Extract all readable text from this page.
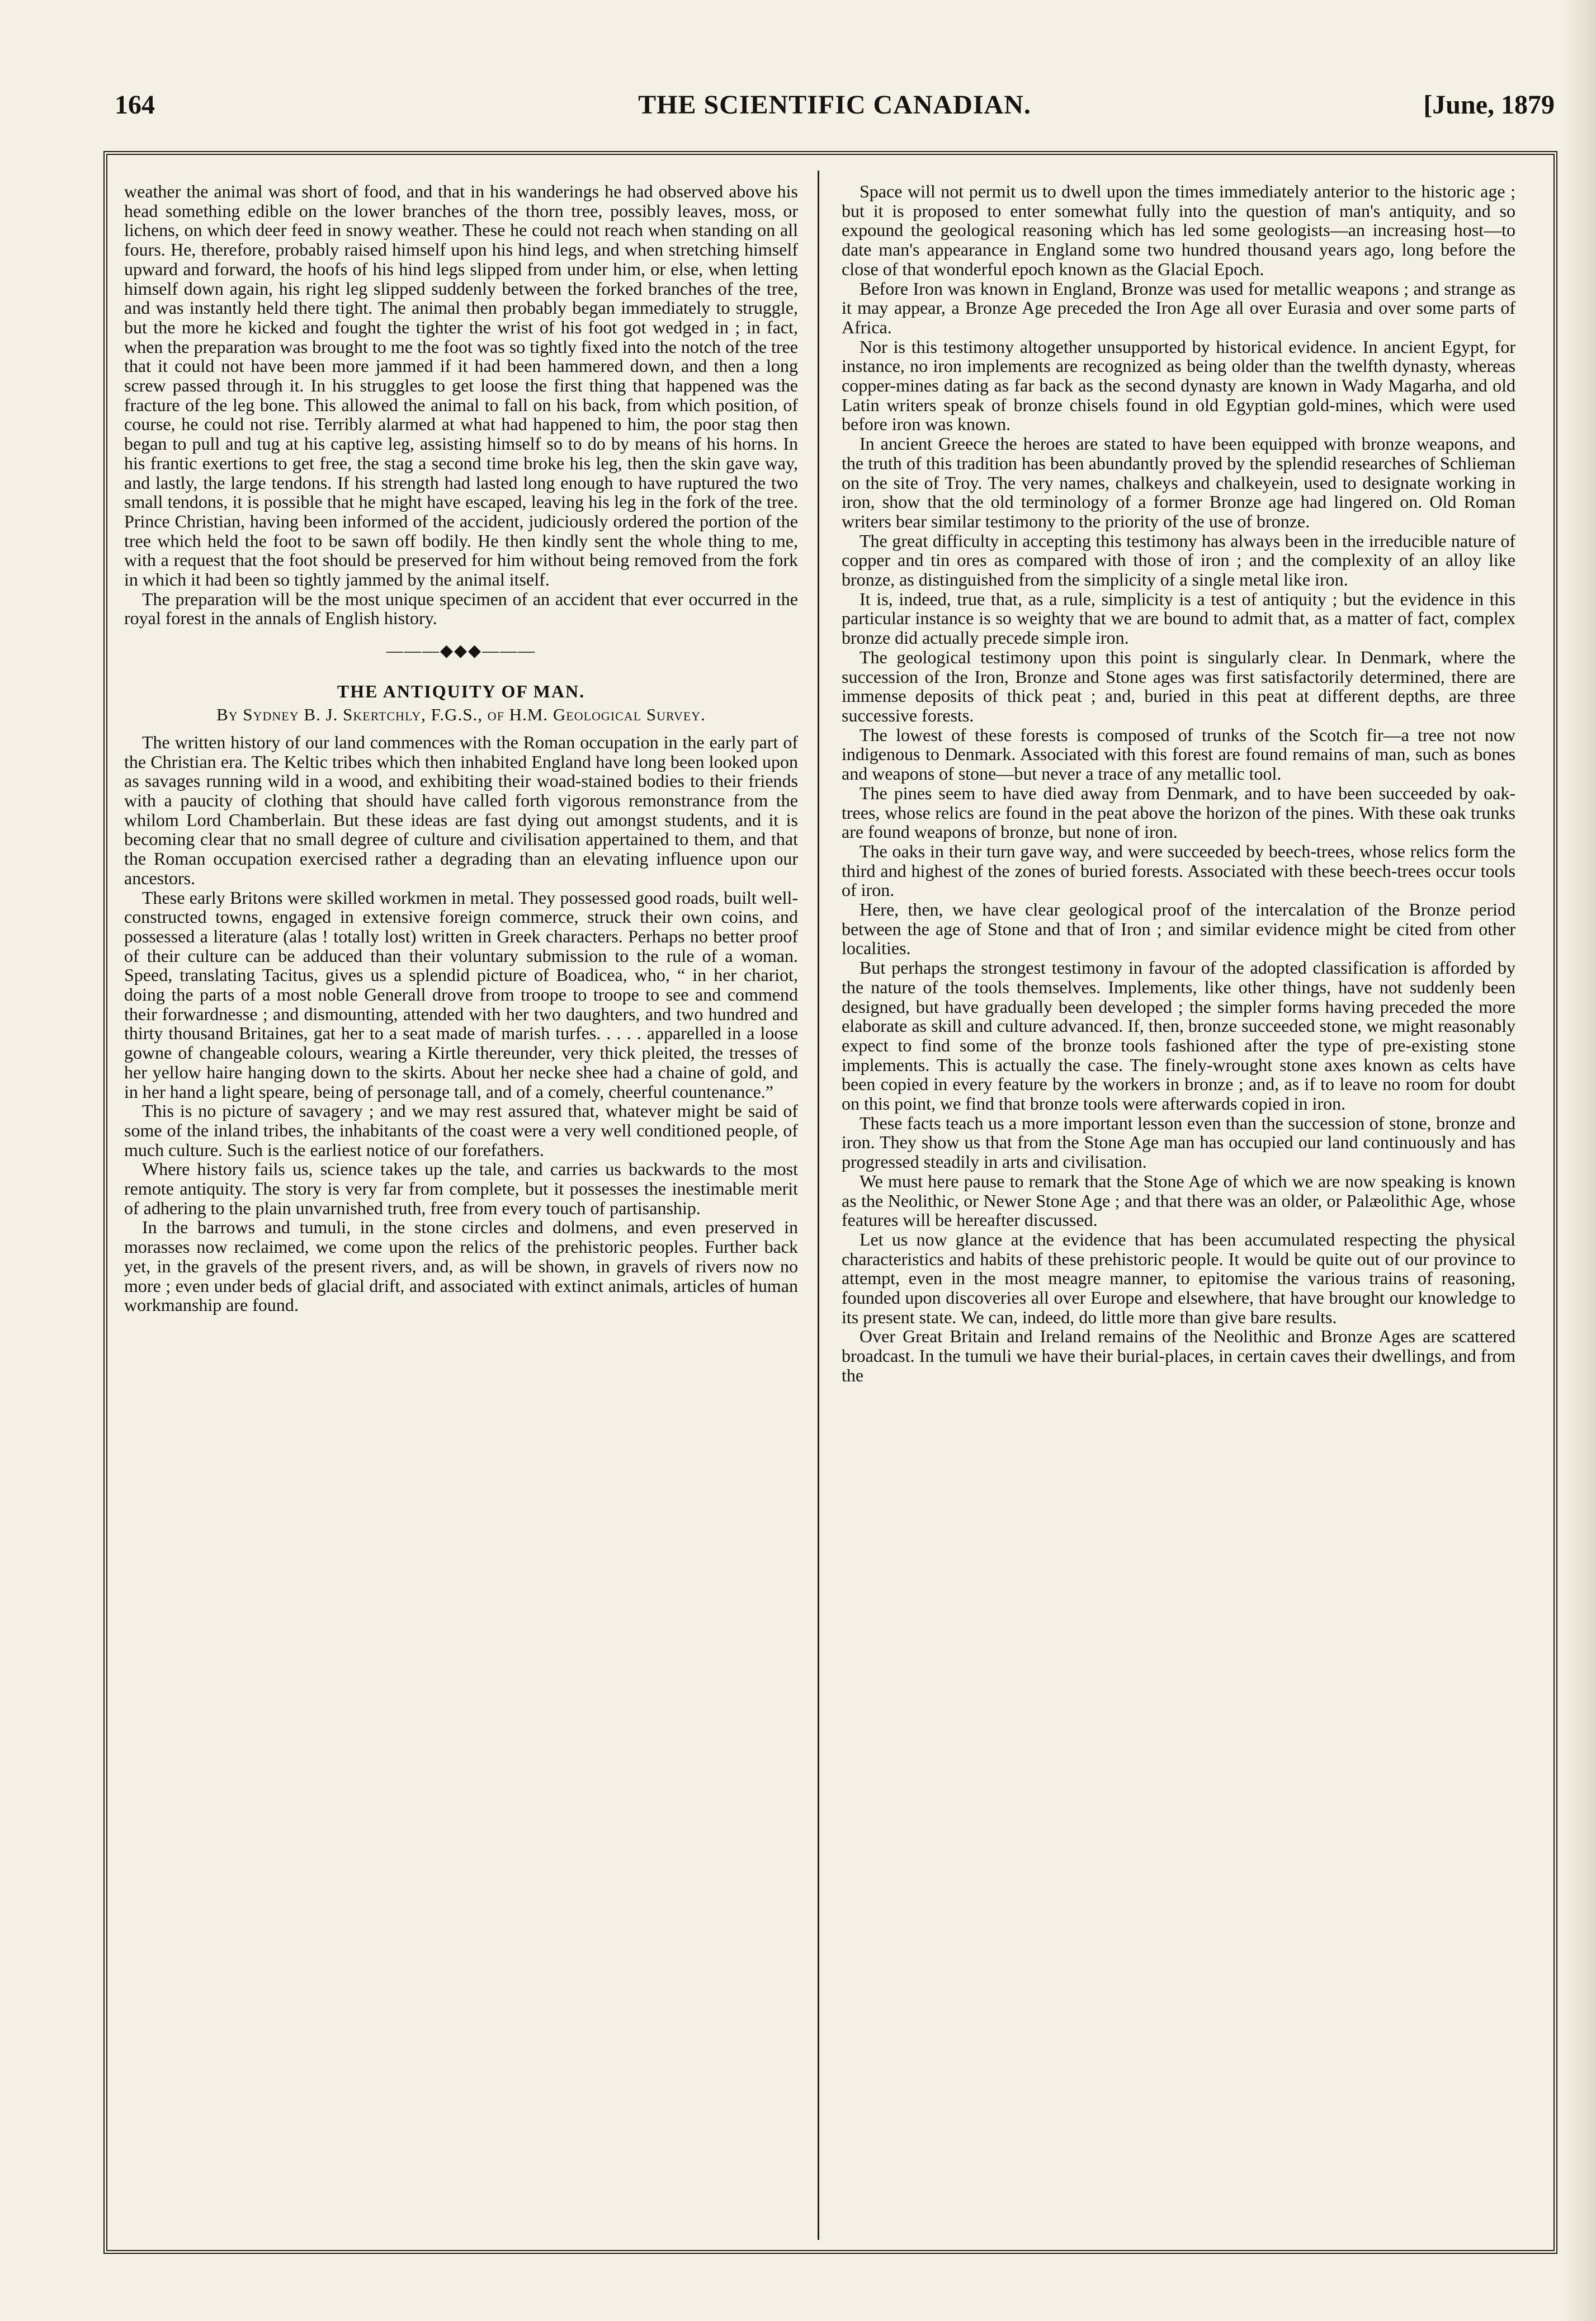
164	THE SCIENTIFIC CANADIAN.	[June, 1879

weather the animal was short of food, and that in his wanderings he had observed above his head something edible on the lower branches of the thorn tree, possibly leaves, moss, or lichens, on which deer feed in snowy weather. These he could not reach when standing on all fours. He, therefore, probably raised himself upon his hind legs, and when stretching himself upward and forward, the hoofs of his hind legs slipped from under him, or else, when letting himself down again, his right leg slipped suddenly between the forked branches of the tree, and was instantly held there tight. The animal then probably began immediately to struggle, but the more he kicked and fought the tighter the wrist of his foot got wedged in ; in fact, when the preparation was brought to me the foot was so tightly fixed into the notch of the tree that it could not have been more jammed if it had been hammered down, and then a long screw passed through it. In his struggles to get loose the first thing that happened was the fracture of the leg bone. This allowed the animal to fall on his back, from which position, of course, he could not rise. Terribly alarmed at what had happened to him, the poor stag then began to pull and tug at his captive leg, assisting himself so to do by means of his horns. In his frantic exertions to get free, the stag a second time broke his leg, then the skin gave way, and lastly, the large tendons. If his strength had lasted long enough to have ruptured the two small tendons, it is possible that he might have escaped, leaving his leg in the fork of the tree. Prince Christian, having been informed of the accident, judiciously ordered the portion of the tree which held the foot to be sawn off bodily. He then kindly sent the whole thing to me, with a request that the foot should be preserved for him without being removed from the fork in which it had been so tightly jammed by the animal itself.

The preparation will be the most unique specimen of an accident that ever occurred in the royal forest in the annals of English history.

———◆◆◆———
THE ANTIQUITY OF MAN.
By Sydney B. J. Skertchly, F.G.S., of H.M. Geological Survey.

The written history of our land commences with the Roman occupation in the early part of the Christian era. The Keltic tribes which then inhabited England have long been looked upon as savages running wild in a wood, and exhibiting their woad-stained bodies to their friends with a paucity of clothing that should have called forth vigorous remonstrance from the whilom Lord Chamberlain. But these ideas are fast dying out amongst students, and it is becoming clear that no small degree of culture and civilisation appertained to them, and that the Roman occupation exercised rather a degrading than an elevating influence upon our ancestors.

These early Britons were skilled workmen in metal. They possessed good roads, built well-constructed towns, engaged in extensive foreign commerce, struck their own coins, and possessed a literature (alas ! totally lost) written in Greek characters. Perhaps no better proof of their culture can be adduced than their voluntary submission to the rule of a woman. Speed, translating Tacitus, gives us a splendid picture of Boadicea, who, “ in her chariot, doing the parts of a most noble Generall drove from troope to troope to see and commend their forwardnesse ; and dismounting, attended with her two daughters, and two hundred and thirty thousand Britaines, gat her to a seat made of marish turfes. . . . . apparelled in a loose gowne of changeable colours, wearing a Kirtle thereunder, very thick pleited, the tresses of her yellow haire hanging down to the skirts. About her necke shee had a chaine of gold, and in her hand a light speare, being of personage tall, and of a comely, cheerful countenance.”

This is no picture of savagery ; and we may rest assured that, whatever might be said of some of the inland tribes, the inhabitants of the coast were a very well conditioned people, of much culture. Such is the earliest notice of our forefathers.

Where history fails us, science takes up the tale, and carries us backwards to the most remote antiquity. The story is very far from complete, but it possesses the inestimable merit of adhering to the plain unvarnished truth, free from every touch of partisanship.

In the barrows and tumuli, in the stone circles and dolmens, and even preserved in morasses now reclaimed, we come upon the relics of the prehistoric peoples. Further back yet, in the gravels of the present rivers, and, as will be shown, in gravels of rivers now no more ; even under beds of glacial drift, and associated with extinct animals, articles of human workmanship are found.

Space will not permit us to dwell upon the times immediately anterior to the historic age ; but it is proposed to enter somewhat fully into the question of man's antiquity, and so expound the geological reasoning which has led some geologists—an increasing host—to date man's appearance in England some two hundred thousand years ago, long before the close of that wonderful epoch known as the Glacial Epoch.

Before Iron was known in England, Bronze was used for metallic weapons ; and strange as it may appear, a Bronze Age preceded the Iron Age all over Eurasia and over some parts of Africa.

Nor is this testimony altogether unsupported by historical evidence. In ancient Egypt, for instance, no iron implements are recognized as being older than the twelfth dynasty, whereas copper-mines dating as far back as the second dynasty are known in Wady Magarha, and old Latin writers speak of bronze chisels found in old Egyptian gold-mines, which were used before iron was known.

In ancient Greece the heroes are stated to have been equipped with bronze weapons, and the truth of this tradition has been abundantly proved by the splendid researches of Schlieman on the site of Troy. The very names, chalkeys and chalkeyein, used to designate working in iron, show that the old terminology of a former Bronze age had lingered on. Old Roman writers bear similar testimony to the priority of the use of bronze.

The great difficulty in accepting this testimony has always been in the irreducible nature of copper and tin ores as compared with those of iron ; and the complexity of an alloy like bronze, as distinguished from the simplicity of a single metal like iron.

It is, indeed, true that, as a rule, simplicity is a test of antiquity ; but the evidence in this particular instance is so weighty that we are bound to admit that, as a matter of fact, complex bronze did actually precede simple iron.

The geological testimony upon this point is singularly clear. In Denmark, where the succession of the Iron, Bronze and Stone ages was first satisfactorily determined, there are immense deposits of thick peat ; and, buried in this peat at different depths, are three successive forests.

The lowest of these forests is composed of trunks of the Scotch fir—a tree not now indigenous to Denmark. Associated with this forest are found remains of man, such as bones and weapons of stone—but never a trace of any metallic tool.

The pines seem to have died away from Denmark, and to have been succeeded by oak-trees, whose relics are found in the peat above the horizon of the pines. With these oak trunks are found weapons of bronze, but none of iron.

The oaks in their turn gave way, and were succeeded by beech-trees, whose relics form the third and highest of the zones of buried forests. Associated with these beech-trees occur tools of iron.

Here, then, we have clear geological proof of the intercalation of the Bronze period between the age of Stone and that of Iron ; and similar evidence might be cited from other localities.

But perhaps the strongest testimony in favour of the adopted classification is afforded by the nature of the tools themselves. Implements, like other things, have not suddenly been designed, but have gradually been developed ; the simpler forms having preceded the more elaborate as skill and culture advanced. If, then, bronze succeeded stone, we might reasonably expect to find some of the bronze tools fashioned after the type of pre-existing stone implements. This is actually the case. The finely-wrought stone axes known as celts have been copied in every feature by the workers in bronze ; and, as if to leave no room for doubt on this point, we find that bronze tools were afterwards copied in iron.

These facts teach us a more important lesson even than the succession of stone, bronze and iron. They show us that from the Stone Age man has occupied our land continuously and has progressed steadily in arts and civilisation.

We must here pause to remark that the Stone Age of which we are now speaking is known as the Neolithic, or Newer Stone Age ; and that there was an older, or Palæolithic Age, whose features will be hereafter discussed.

Let us now glance at the evidence that has been accumulated respecting the physical characteristics and habits of these prehistoric people. It would be quite out of our province to attempt, even in the most meagre manner, to epitomise the various trains of reasoning, founded upon discoveries all over Europe and elsewhere, that have brought our knowledge to its present state. We can, indeed, do little more than give bare results.

Over Great Britain and Ireland remains of the Neolithic and Bronze Ages are scattered broadcast. In the tumuli we have their burial-places, in certain caves their dwellings, and from the
